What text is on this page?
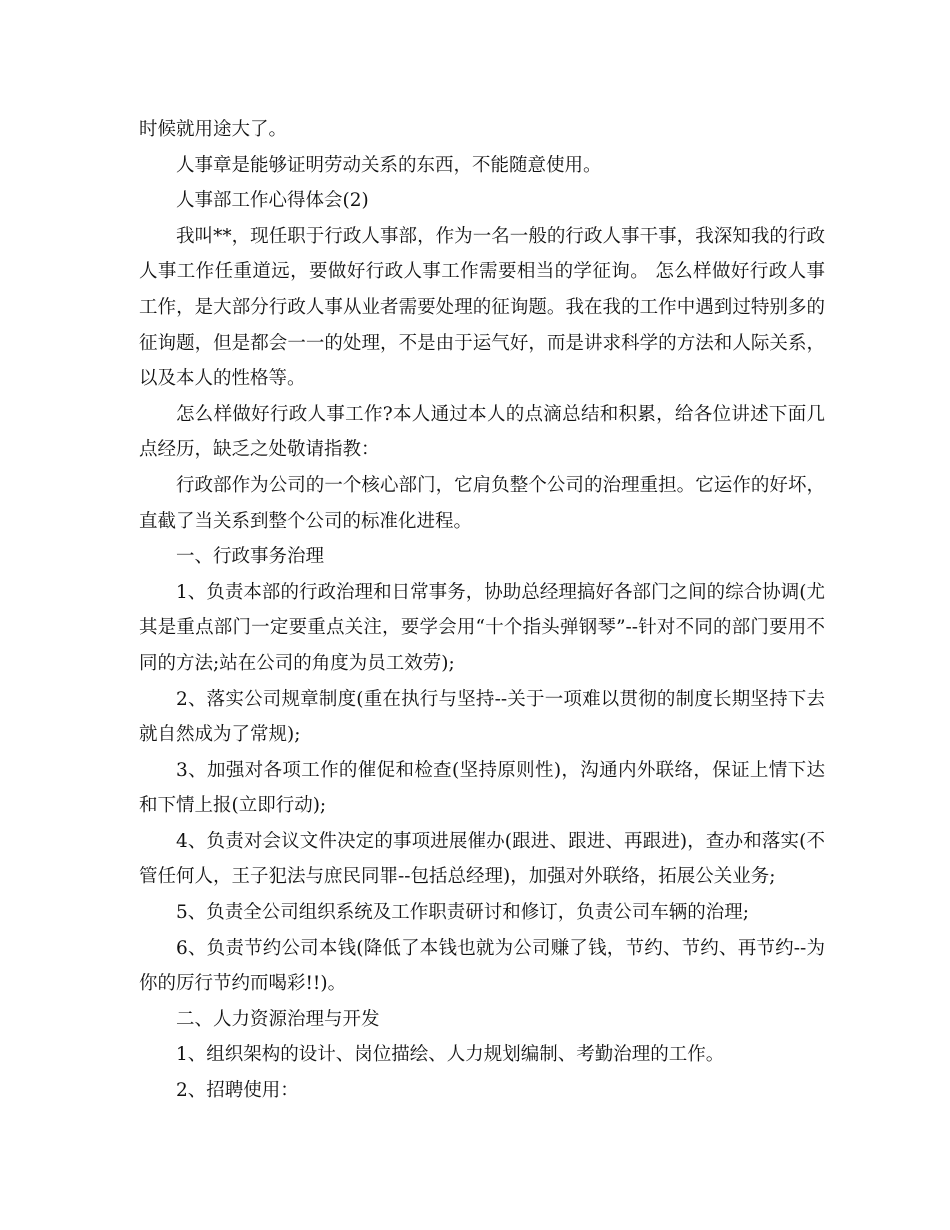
时候就用途大了。

人事章是能够证明劳动关系的东西，不能随意使用。

人事部工作心得体会(2)

我叫**，现任职于行政人事部，作为一名一般的行政人事干事，我深知我的行政人事工作任重道远，要做好行政人事工作需要相当的学征询。 怎么样做好行政人事工作，是大部分行政人事从业者需要处理的征询题。我在我的工作中遇到过特别多的征询题，但是都会一一的处理，不是由于运气好，而是讲求科学的方法和人际关系，以及本人的性格等。

怎么样做好行政人事工作?本人通过本人的点滴总结和积累，给各位讲述下面几点经历，缺乏之处敬请指教：

行政部作为公司的一个核心部门，它肩负整个公司的治理重担。它运作的好坏，直截了当关系到整个公司的标准化进程。

一、行政事务治理

1、负责本部的行政治理和日常事务，协助总经理搞好各部门之间的综合协调(尤其是重点部门一定要重点关注，要学会用“十个指头弹钢琴”--针对不同的部门要用不同的方法;站在公司的角度为员工效劳);

2、落实公司规章制度(重在执行与坚持--关于一项难以贯彻的制度长期坚持下去就自然成为了常规);

3、加强对各项工作的催促和检查(坚持原则性)，沟通内外联络，保证上情下达和下情上报(立即行动);

4、负责对会议文件决定的事项进展催办(跟进、跟进、再跟进)，查办和落实(不管任何人，王子犯法与庶民同罪--包括总经理)，加强对外联络，拓展公关业务;

5、负责全公司组织系统及工作职责研讨和修订，负责公司车辆的治理;

6、负责节约公司本钱(降低了本钱也就为公司赚了钱，节约、节约、再节约--为你的厉行节约而喝彩!!)。

二、人力资源治理与开发

1、组织架构的设计、岗位描绘、人力规划编制、考勤治理的工作。

2、招聘使用：
